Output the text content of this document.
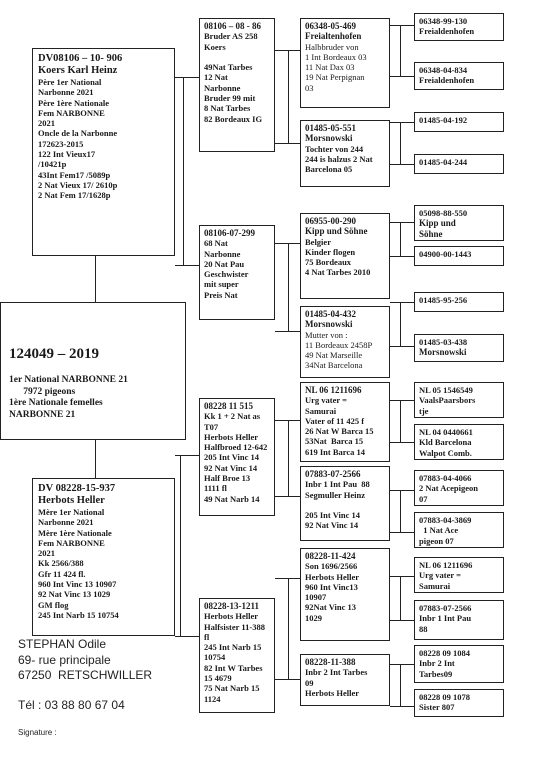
DV08106 – 10- 906
Koers Karl Heinz
Père 1er National
Narbonne 2021
Père 1ère Nationale
Fem NARBONNE
2021
Oncle de la Narbonne
172623-2015
122 Int Vieux17
/10421p
43Int Fem17 /5089p
2 Nat Vieux 17/ 2610p
2 Nat Fem 17/1628p
124049 – 2019
1er National NARBONNE 21
7972 pigeons
1ère Nationale femelles
NARBONNE 21
DV 08228-15-937
Herbots Heller
Mère 1er National
Narbonne 2021
Mère 1ère Nationale
Fem NARBONNE
2021
Kk 2566/388
Gfr 11 424 fl.
960 Int Vinc 13 10907
92 Nat Vinc 13 1029
GM flog
245 Int Narb 15 10754
08106 – 08 - 86
Bruder AS 258
Koers

49Nat Tarbes
12 Nat
Narbonne
Bruder 99 mit
8 Nat Tarbes
82 Bordeaux IG
08106-07-299
68 Nat
Narbonne
20 Nat Pau
Geschwister
mit super
Preis Nat
08228 11 515
Kk 1 + 2 Nat as
T07
Herbots Heller
Halfbroed 12-642
205 Int Vinc 14
92 Nat Vinc 14
Half Broe 13
1111 fl
49 Nat Narb 14
08228-13-1211
Herbots Heller
Halfsister 11-388
fl
245 Int Narb 15
10754
82 Int W Tarbes
15 4679
75 Nat Narb 15
1124
06348-05-469
Freialtenhofen
Halbbruder von
1 Int Bordeaux 03
11 Nat Dax 03
19 Nat Perpignan
03
01485-05-551
Morsnowski
Tochter von 244
244 is halzus 2 Nat
Barcelona 05
06955-00-290
Kipp und Söhne
Belgier
Kinder flogen
75 Bordeaux
4 Nat Tarbes 2010
01485-04-432
Morsnowski
Mutter von :
11 Bordeaux 2458P
49 Nat Marseille
34Nat Barcelona
NL 06 1211696
Urg vater =
Samurai
Vater of 11 425 f
26 Nat W Barca 15
53Nat  Barca 15
619 Int Barca 14
07883-07-2566
Inbr 1 Int Pau  88
Segmuller Heinz

205 Int Vinc 14
92 Nat Vinc 14
08228-11-424
Son 1696/2566
Herbots Heller
960 Int Vinc13
10907
92Nat Vinc 13
1029
08228-11-388
Inbr 2 Int Tarbes
09
Herbots Heller
06348-99-130
Freialdenhofen
06348-04-834
Freialdenhofen
01485-04-192
01485-04-244
05098-88-550
Kipp und
Söhne
04900-00-1443
01485-95-256
01485-03-438
Morsnowski
NL 05 1546549
VaalsPaarsbors
tje
NL 04 0440661
Kld Barcelona
Walpot Comb.
07883-04-4066
2 Nat Acepigeon
07
07883-04-3869
1 Nat Ace
pigeon 07
NL 06 1211696
Urg vater =
Samurai
07883-07-2566
Inbr 1 Int Pau
88
08228 09 1084
Inbr 2 Int
Tarbes09
08228 09 1078
Sister 807
STEPHAN Odile
69- rue principale
67250  RETSCHWILLER
Tél : 03 88 80 67 04
Signature :
